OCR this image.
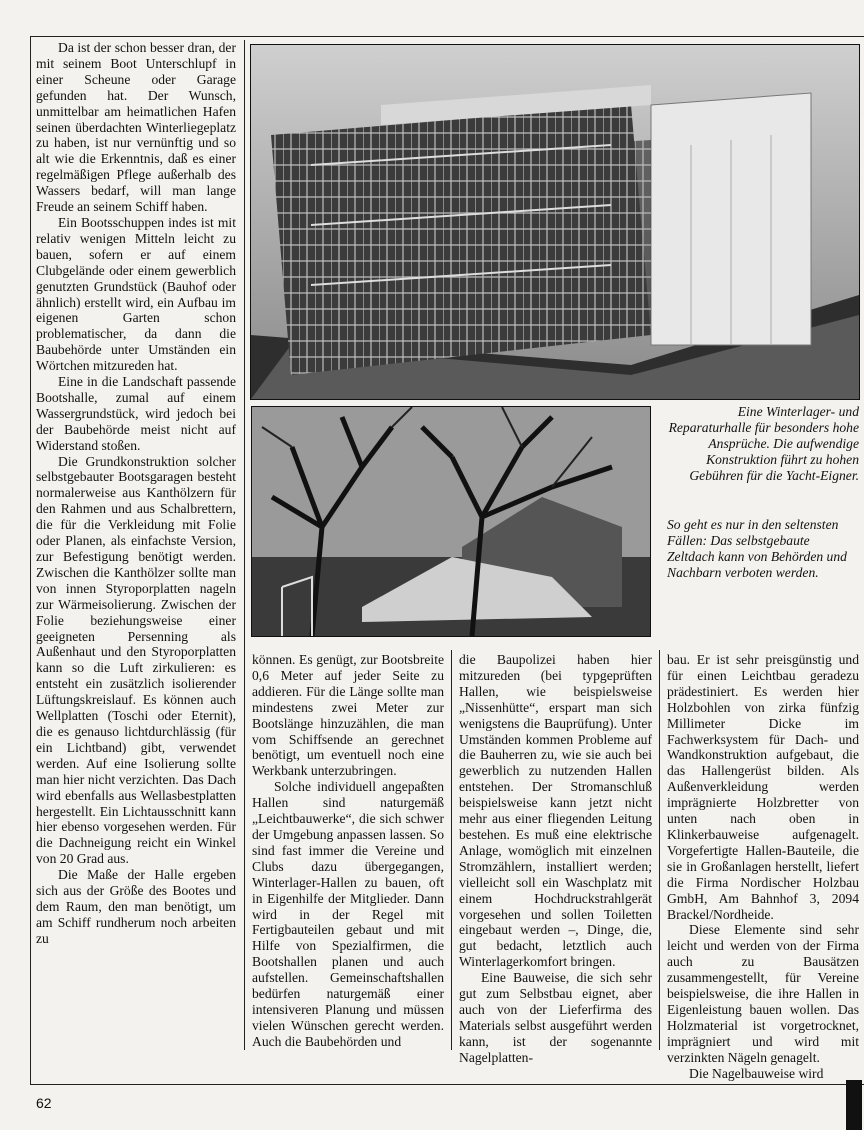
Da ist der schon besser dran, der mit seinem Boot Unterschlupf in einer Scheune oder Garage gefunden hat. Der Wunsch, unmittelbar am heimatlichen Hafen seinen überdachten Winterliegeplatz zu haben, ist nur vernünftig und so alt wie die Erkenntnis, daß es einer regelmäßigen Pflege außerhalb des Wassers bedarf, will man lange Freude an seinem Schiff haben.

Ein Bootsschuppen indes ist mit relativ wenigen Mitteln leicht zu bauen, sofern er auf einem Clubgelände oder einem gewerblich genutzten Grundstück (Bauhof oder ähnlich) erstellt wird, ein Aufbau im eigenen Garten schon problematischer, da dann die Baubehörde unter Umständen ein Wörtchen mitzureden hat.

Eine in die Landschaft passende Bootshalle, zumal auf einem Wassergrundstück, wird jedoch bei der Baubehörde meist nicht auf Widerstand stoßen.

Die Grundkonstruktion solcher selbstgebauter Bootsgaragen besteht normalerweise aus Kanthölzern für den Rahmen und aus Schalbrettern, die für die Verkleidung mit Folie oder Planen, als einfachste Version, zur Befestigung benötigt werden. Zwischen die Kanthölzer sollte man von innen Styroporplatten nageln zur Wärmeisolierung. Zwischen der Folie beziehungsweise einer geeigneten Persenning als Außenhaut und den Styroporplatten kann so die Luft zirkulieren: es entsteht ein zusätzlich isolierender Lüftungskreislauf. Es können auch Wellplatten (Toschi oder Eternit), die es genauso lichtdurchlässig (für ein Lichtband) gibt, verwendet werden. Auf eine Isolierung sollte man hier nicht verzichten. Das Dach wird ebenfalls aus Wellasbestplatten hergestellt. Ein Lichtausschnitt kann hier ebenso vorgesehen werden. Für die Dachneigung reicht ein Winkel von 20 Grad aus.

Die Maße der Halle ergeben sich aus der Größe des Bootes und dem Raum, den man benötigt, um am Schiff rundherum noch arbeiten zu

Eine Winterlager- und Reparaturhalle für besonders hohe Ansprüche. Die aufwendige Konstruktion führt zu hohen Gebühren für die Yacht-Eigner.
So geht es nur in den seltensten Fällen: Das selbstgebaute Zeltdach kann von Behörden und Nachbarn verboten werden.

können. Es genügt, zur Bootsbreite 0,6 Meter auf jeder Seite zu addieren. Für die Länge sollte man mindestens zwei Meter zur Bootslänge hinzuzählen, die man vom Schiffsende an gerechnet benötigt, um eventuell noch eine Werkbank unterzubringen.

Solche individuell angepaßten Hallen sind naturgemäß „Leichtbauwerke“, die sich schwer der Umgebung anpassen lassen. So sind fast immer die Vereine und Clubs dazu übergegangen, Winterlager-Hallen zu bauen, oft in Eigenhilfe der Mitglieder. Dann wird in der Regel mit Fertigbauteilen gebaut und mit Hilfe von Spezialfirmen, die Bootshallen planen und auch aufstellen. Gemeinschaftshallen bedürfen naturgemäß einer intensiveren Planung und müssen vielen Wünschen gerecht werden. Auch die Baubehörden und

die Baupolizei haben hier mitzureden (bei typgeprüften Hallen, wie beispielsweise „Nissenhütte“, erspart man sich wenigstens die Bauprüfung). Unter Umständen kommen Probleme auf die Bauherren zu, wie sie auch bei gewerblich zu nutzenden Hallen entstehen. Der Stromanschluß beispielsweise kann jetzt nicht mehr aus einer fliegenden Leitung bestehen. Es muß eine elektrische Anlage, womöglich mit einzelnen Stromzählern, installiert werden; vielleicht soll ein Waschplatz mit einem Hochdruckstrahlgerät vorgesehen und sollen Toiletten eingebaut werden –, Dinge, die, gut bedacht, letztlich auch Winterlagerkomfort bringen.

Eine Bauweise, die sich sehr gut zum Selbstbau eignet, aber auch von der Lieferfirma des Materials selbst ausgeführt werden kann, ist der sogenannte Nagelplatten-

bau. Er ist sehr preisgünstig und für einen Leichtbau geradezu prädestiniert. Es werden hier Holzbohlen von zirka fünfzig Millimeter Dicke im Fachwerksystem für Dach- und Wandkonstruktion aufgebaut, die das Hallengerüst bilden. Als Außenverkleidung werden imprägnierte Holzbretter von unten nach oben in Klinkerbauweise aufgenagelt. Vorgefertigte Hallen-Bauteile, die sie in Großanlagen herstellt, liefert die Firma Nordischer Holzbau GmbH, Am Bahnhof 3, 2094 Brackel/Nordheide.

Diese Elemente sind sehr leicht und werden von der Firma auch zu Bausätzen zusammengestellt, für Vereine beispielsweise, die ihre Hallen in Eigenleistung bauen wollen. Das Holzmaterial ist vorgetrocknet, imprägniert und wird mit verzinkten Nägeln genagelt.

Die Nagelbauweise wird

62
